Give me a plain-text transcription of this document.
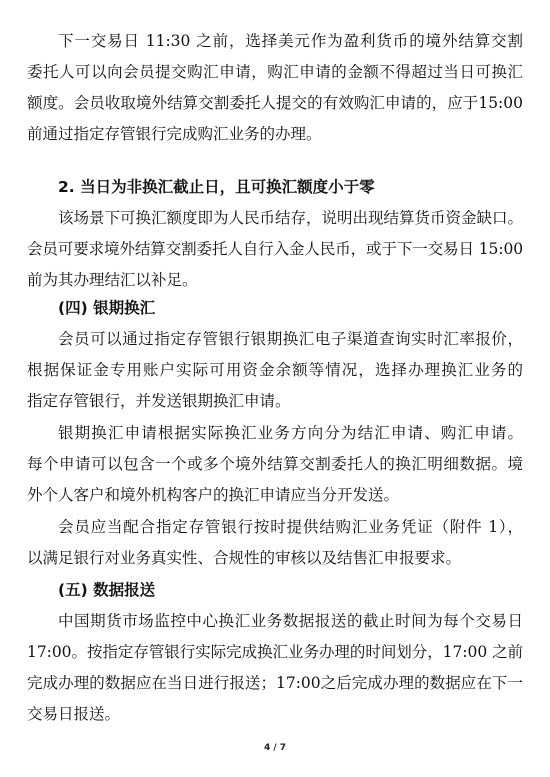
下一交易日 11:30 之前，选择美元作为盈利货币的境外结算交割
委托人可以向会员提交购汇申请，购汇申请的金额不得超过当日可换汇
额度。会员收取境外结算交割委托人提交的有效购汇申请的，应于15:00
前通过指定存管银行完成购汇业务的办理。
2. 当日为非换汇截止日，且可换汇额度小于零
该场景下可换汇额度即为人民币结存，说明出现结算货币资金缺口。
会员可要求境外结算交割委托人自行入金人民币，或于下一交易日 15:00
前为其办理结汇以补足。
(四) 银期换汇
会员可以通过指定存管银行银期换汇电子渠道查询实时汇率报价，
根据保证金专用账户实际可用资金余额等情况，选择办理换汇业务的
指定存管银行，并发送银期换汇申请。
银期换汇申请根据实际换汇业务方向分为结汇申请、购汇申请。
每个申请可以包含一个或多个境外结算交割委托人的换汇明细数据。境
外个人客户和境外机构客户的换汇申请应当分开发送。
会员应当配合指定存管银行按时提供结购汇业务凭证（附件 1），
以满足银行对业务真实性、合规性的审核以及结售汇申报要求。
(五) 数据报送
中国期货市场监控中心换汇业务数据报送的截止时间为每个交易日
17:00。按指定存管银行实际完成换汇业务办理的时间划分，17:00 之前
完成办理的数据应在当日进行报送；17:00之后完成办理的数据应在下一
交易日报送。
4 / 7
